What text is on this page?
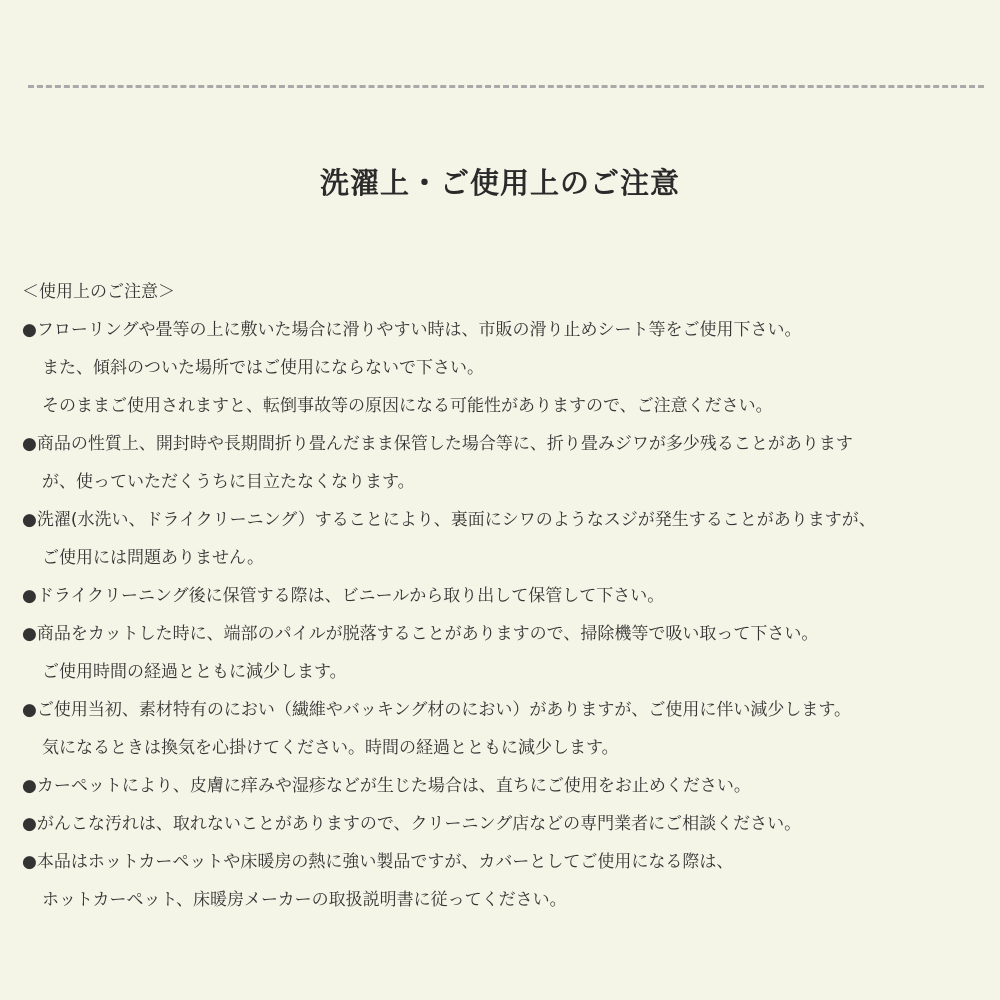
洗濯上・ご使用上のご注意
＜使用上のご注意＞
●フローリングや畳等の上に敷いた場合に滑りやすい時は、市販の滑り止めシート等をご使用下さい。
また、傾斜のついた場所ではご使用にならないで下さい。
そのままご使用されますと、転倒事故等の原因になる可能性がありますので、ご注意ください。
●商品の性質上、開封時や長期間折り畳んだまま保管した場合等に、折り畳みジワが多少残ることがあります
が、使っていただくうちに目立たなくなります。
●洗濯(水洗い、ドライクリーニング）することにより、裏面にシワのようなスジが発生することがありますが、
ご使用には問題ありません。
●ドライクリーニング後に保管する際は、ビニールから取り出して保管して下さい。
●商品をカットした時に、端部のパイルが脱落することがありますので、掃除機等で吸い取って下さい。
ご使用時間の経過とともに減少します。
●ご使用当初、素材特有のにおい（繊維やバッキング材のにおい）がありますが、ご使用に伴い減少します。
気になるときは換気を心掛けてください。時間の経過とともに減少します。
●カーペットにより、皮膚に痒みや湿疹などが生じた場合は、直ちにご使用をお止めください。
●がんこな汚れは、取れないことがありますので、クリーニング店などの専門業者にご相談ください。
●本品はホットカーペットや床暖房の熱に強い製品ですが、カバーとしてご使用になる際は、
ホットカーペット、床暖房メーカーの取扱説明書に従ってください。
